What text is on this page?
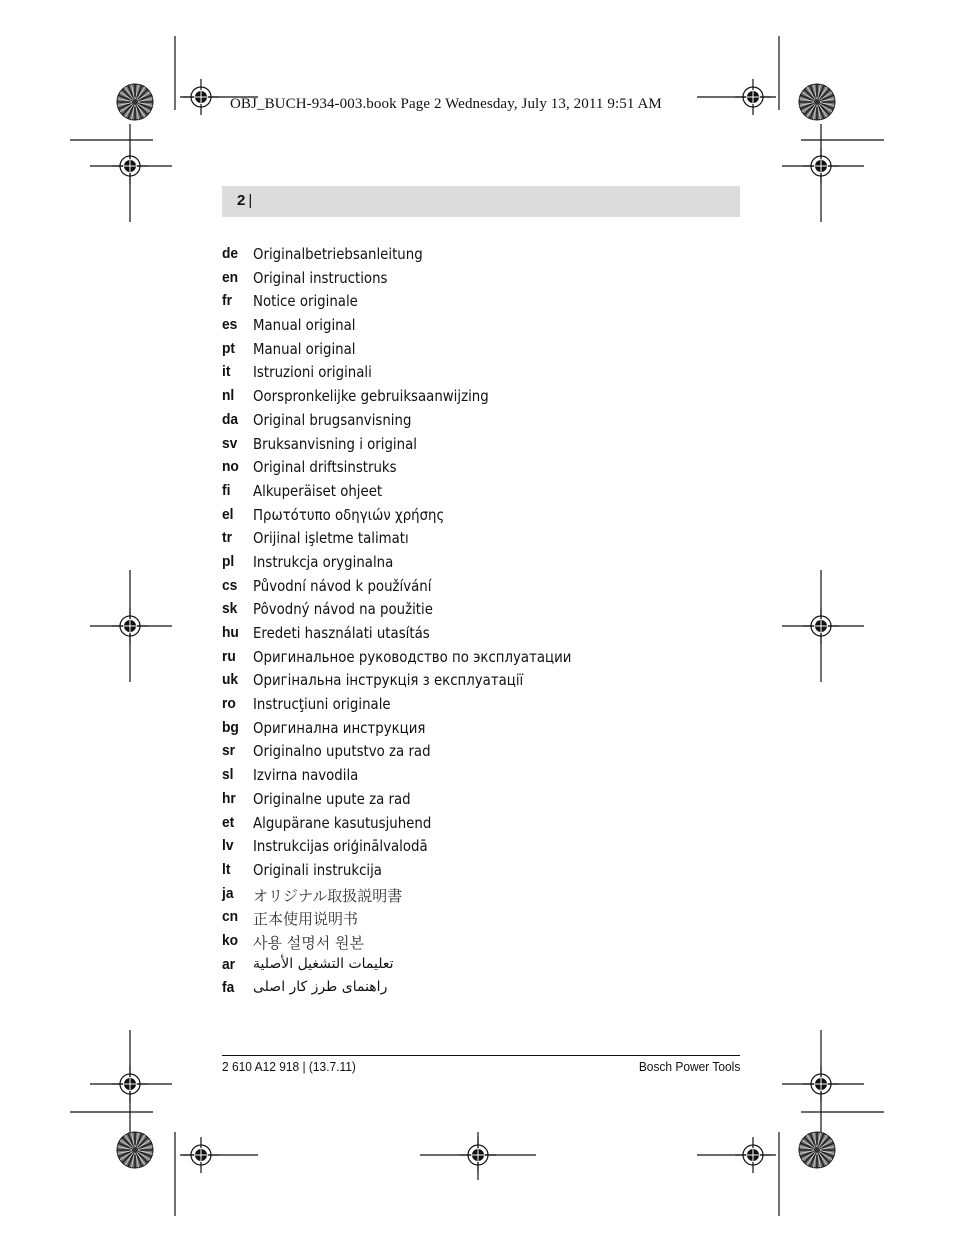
OBJ_BUCH-934-003.book Page 2 Wednesday, July 13, 2011 9:51 AM
2 |
de Originalbetriebsanleitung
en Original instructions
fr Notice originale
es Manual original
pt Manual original
it Istruzioni originali
nl Oorspronkelijke gebruiksaanwijzing
da Original brugsanvisning
sv Bruksanvisning i original
no Original driftsinstruks
fi Alkuperäiset ohjeet
el Πρωτότυπο οδηγιών χρήσης
tr Orijinal işletme talimatı
pl Instrukcja oryginalna
cs Původní návod k používání
sk Pôvodný návod na použitie
hu Eredeti használati utasítás
ru Оригинальное руководство по эксплуатации
uk Оригінальна інструкція з експлуатації
ro Instrucţiuni originale
bg Оригинална инструкция
sr Originalno uputstvo za rad
sl Izvirna navodila
hr Originalne upute za rad
et Algupärane kasutusjuhend
lv Instrukcijas oriģinālvalodā
lt Originali instrukcija
ja オリジナル取扱説明書
cn 正本使用说明书
ko 사용 설명서 원본
ar تعليمات التشغيل الأصلية
fa راهنمای طرز کار اصلی
2 610 A12 918 | (13.7.11)	Bosch Power Tools
